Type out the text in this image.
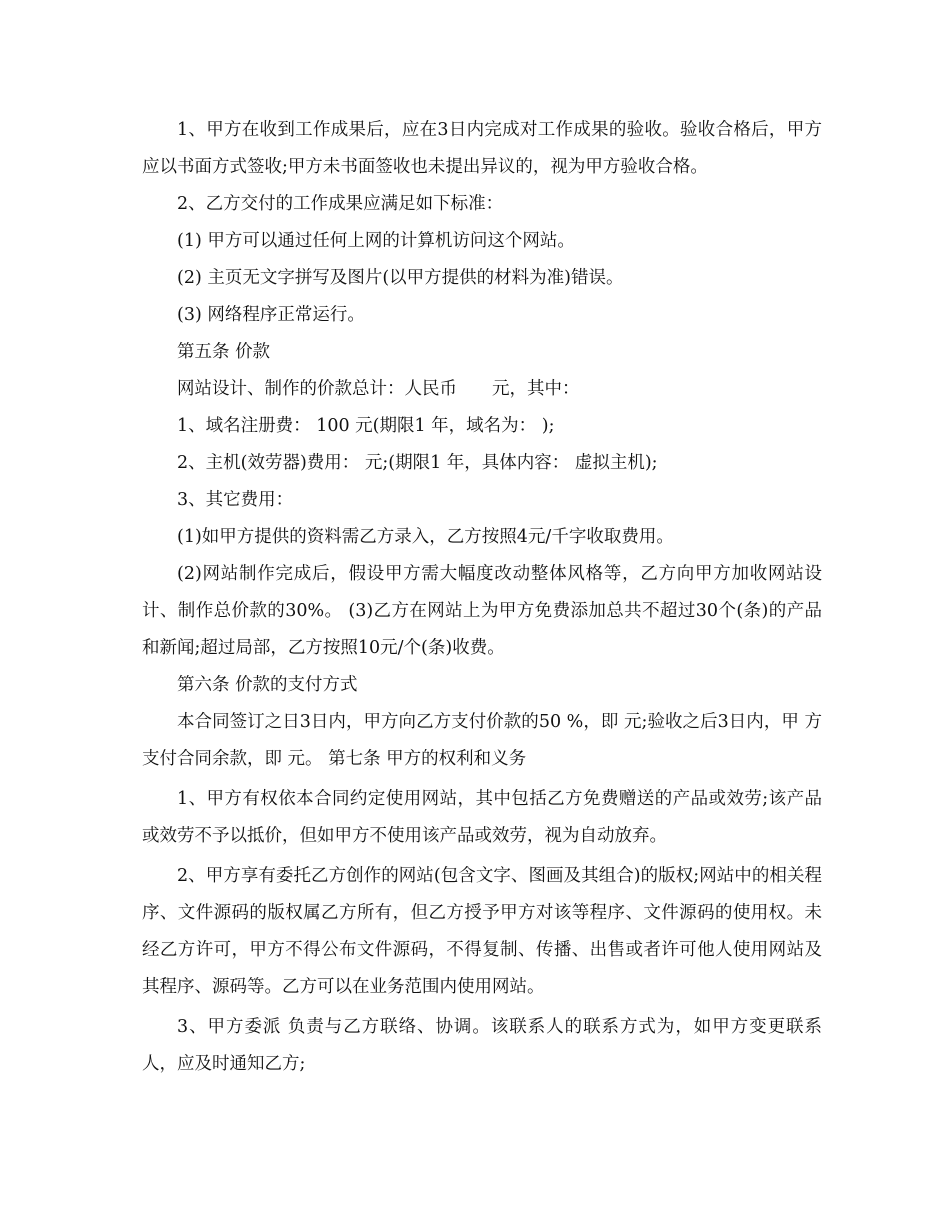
1、甲方在收到工作成果后，应在3日内完成对工作成果的验收。验收合格后，甲方应以书面方式签收;甲方未书面签收也未提出异议的，视为甲方验收合格。

2、乙方交付的工作成果应满足如下标准：

(1) 甲方可以通过任何上网的计算机访问这个网站。

(2) 主页无文字拼写及图片(以甲方提供的材料为准)错误。

(3) 网络程序正常运行。

第五条 价款

网站设计、制作的价款总计：人民币　　元，其中：

1、域名注册费： 100 元(期限1 年，域名为： );

2、主机(效劳器)费用： 元;(期限1 年，具体内容： 虚拟主机);

3、其它费用：

(1)如甲方提供的资料需乙方录入，乙方按照4元/千字收取费用。

(2)网站制作完成后，假设甲方需大幅度改动整体风格等，乙方向甲方加收网站设计、制作总价款的30%。 (3)乙方在网站上为甲方免费添加总共不超过30个(条)的产品和新闻;超过局部，乙方按照10元/个(条)收费。

第六条 价款的支付方式

本合同签订之日3日内，甲方向乙方支付价款的50 %，即 元;验收之后3日内，甲 方支付合同余款，即 元。 第七条 甲方的权利和义务

1、甲方有权依本合同约定使用网站，其中包括乙方免费赠送的产品或效劳;该产品或效劳不予以抵价，但如甲方不使用该产品或效劳，视为自动放弃。

2、甲方享有委托乙方创作的网站(包含文字、图画及其组合)的版权;网站中的相关程序、文件源码的版权属乙方所有，但乙方授予甲方对该等程序、文件源码的使用权。未经乙方许可，甲方不得公布文件源码，不得复制、传播、出售或者许可他人使用网站及其程序、源码等。乙方可以在业务范围内使用网站。

3、甲方委派 负责与乙方联络、协调。该联系人的联系方式为，如甲方变更联系人，应及时通知乙方;
